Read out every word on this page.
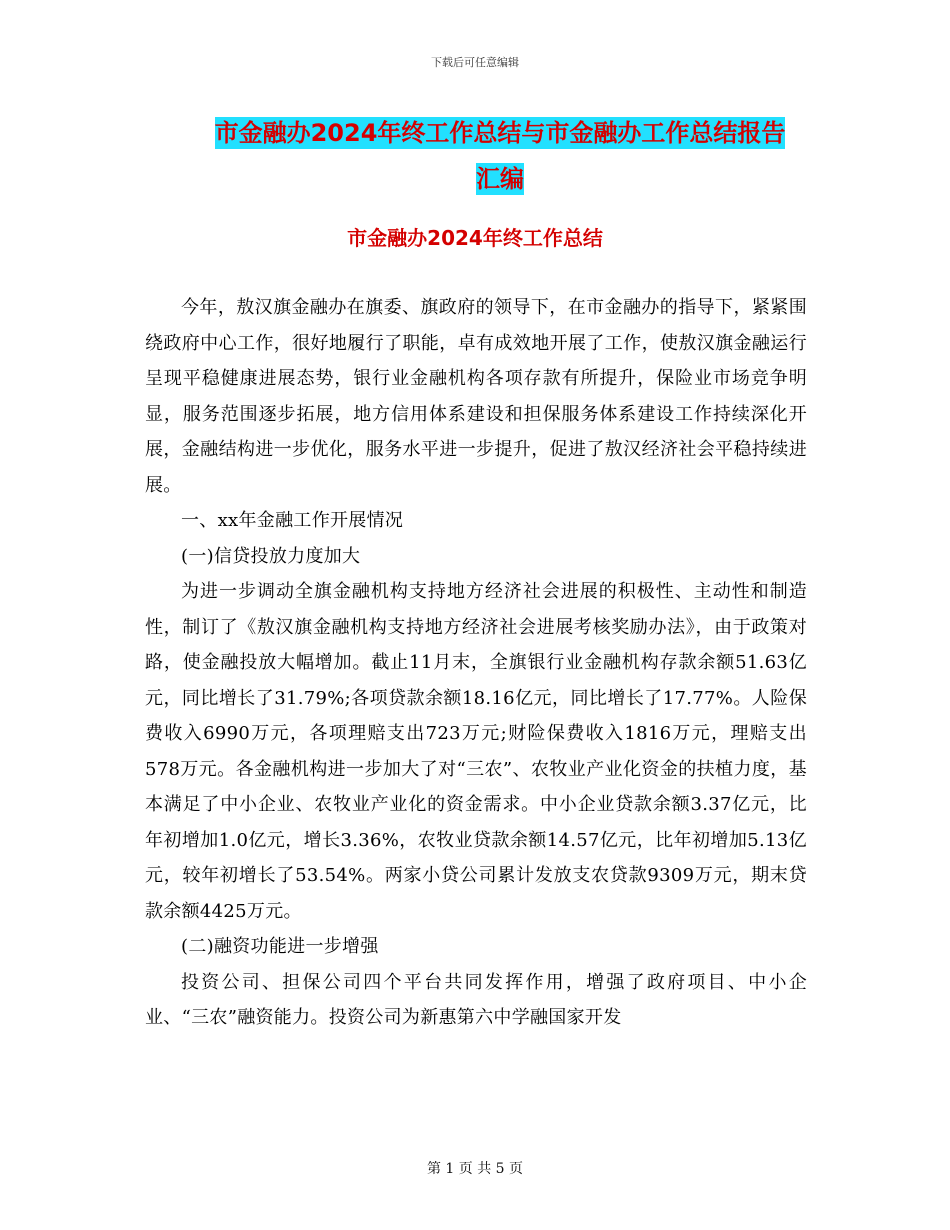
下载后可任意编辑
市金融办2024年终工作总结与市金融办工作总结报告
汇编
市金融办2024年终工作总结

今年，敖汉旗金融办在旗委、旗政府的领导下，在市金融办的指导下，紧紧围绕政府中心工作，很好地履行了职能，卓有成效地开展了工作，使敖汉旗金融运行呈现平稳健康进展态势，银行业金融机构各项存款有所提升，保险业市场竞争明显，服务范围逐步拓展，地方信用体系建设和担保服务体系建设工作持续深化开展，金融结构进一步优化，服务水平进一步提升，促进了敖汉经济社会平稳持续进展。

一、xx年金融工作开展情况

(一)信贷投放力度加大

为进一步调动全旗金融机构支持地方经济社会进展的积极性、主动性和制造性，制订了《敖汉旗金融机构支持地方经济社会进展考核奖励办法》，由于政策对路，使金融投放大幅增加。截止11月末，全旗银行业金融机构存款余额51.63亿元，同比增长了31.79%;各项贷款余额18.16亿元，同比增长了17.77%。人险保费收入6990万元，各项理赔支出723万元;财险保费收入1816万元，理赔支出578万元。各金融机构进一步加大了对“三农”、农牧业产业化资金的扶植力度，基本满足了中小企业、农牧业产业化的资金需求。中小企业贷款余额3.37亿元，比年初增加1.0亿元，增长3.36%，农牧业贷款余额14.57亿元，比年初增加5.13亿元，较年初增长了53.54%。两家小贷公司累计发放支农贷款9309万元，期末贷款余额4425万元。

(二)融资功能进一步增强

投资公司、担保公司四个平台共同发挥作用，增强了政府项目、中小企业、“三农”融资能力。投资公司为新惠第六中学融国家开发

第 1 页 共 5 页
